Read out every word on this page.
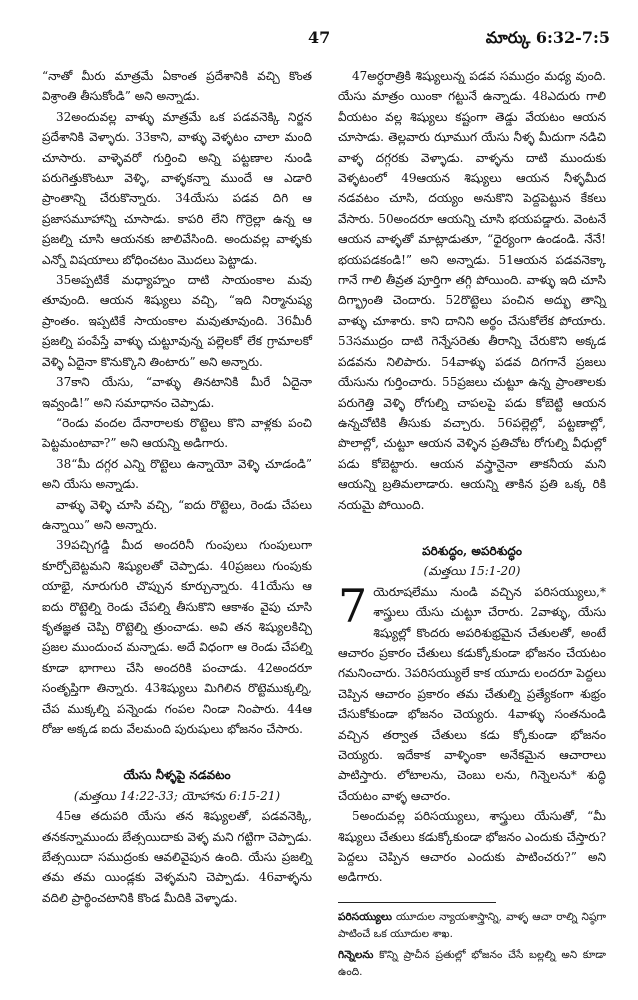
47	మార్కు 6:32-7:5

“నాతో మీరు మాత్రమే ఏకాంత ప్రదేశానికి వచ్చి కొంత విశ్రాంతి తీసుకోండి” అని అన్నాడు.

32అందువల్ల వాళ్ళు మాత్రమే ఒక పడవనెక్కి నిర్జన ప్రదేశానికి వెళ్ళారు. 33కాని, వాళ్ళు వెళ్ళటం చాలా మంది చూసారు. వాళ్ళెవరో గుర్తించి అన్ని పట్టణాల నుండి పరుగెత్తుకొంటూ వెళ్ళి, వాళ్ళకన్నా ముందే ఆ ఎడారి ప్రాంతాన్ని చేరుకొన్నారు. 34యేసు పడవ దిగి ఆ ప్రజాసమూహాన్ని చూసాడు. కాపరి లేని గొర్రెల్లా ఉన్న ఆ ప్రజల్ని చూసి ఆయనకు జాలివేసింది. అందువల్ల వాళ్ళకు ఎన్నో విషయాలు బోధించటం మొదలు పెట్టాడు.

35అప్పటికే మధ్యాహ్నం దాటి సాయంకాల మవు తూవుంది. ఆయన శిష్యులు వచ్చి, “ఇది నిర్మానుష్య ప్రాంతం. ఇప్పటికే సాయంకాల మవుతూవుంది. 36మీరీ ప్రజల్ని పంపేస్తే వాళ్ళు చుట్టూవున్న పల్లెలకో లేక గ్రామాలకో వెళ్ళి ఏదైనా కొనుక్కొని తింటారు” అని అన్నారు.

37కాని యేసు, “వాళ్ళు తినటానికి మీరే ఏదైనా ఇవ్వండి!” అని సమాధానం చెప్పాడు.

“రెండు వందల దేనారాలకు రొట్టెలు కొని వాళ్లకు పంచి పెట్టమంటావా?” అని ఆయన్ని అడిగారు.

38“మీ దగ్గర ఎన్ని రొట్టెలు ఉన్నాయో వెళ్ళి చూడండి” అని యేసు అన్నాడు.

వాళ్ళు వెళ్ళి చూసి వచ్చి, “ఐదు రొట్టెలు, రెండు చేపలు ఉన్నాయి” అని అన్నారు.

39పచ్చిగడ్డి మీద అందరినీ గుంపులు గుంపులుగా కూర్చోబెట్టమని శిష్యులతో చెప్పాడు. 40ప్రజలు గుంపుకు యాభై, నూరుగురి చొప్పున కూర్చున్నారు. 41యేసు ఆ ఐదు రొట్టెల్ని రెండు చేపల్ని తీసుకొని ఆకాశం వైపు చూసి కృతజ్ఞత చెప్పి రొట్టెల్ని త్రుంచాడు. అవి తన శిష్యులకిచ్చి ప్రజల ముందుంచ మన్నాడు. అదే విధంగా ఆ రెండు చేపల్ని కూడా భాగాలు చేసి అందరికి పంచాడు. 42అందరూ సంతృప్తిగా తిన్నారు. 43శిష్యులు మిగిలిన రొట్టెముక్కల్ని, చేప ముక్కల్ని పన్నెండు గంపల నిండా నింపారు. 44ఆ రోజు అక్కడ ఐదు వేలమంది పురుషులు భోజనం చేసారు.

యేసు నీళ్ళపై నడవటం

(మత్తయి 14:22-33; యోహాను 6:15-21)

45ఆ తదుపరి యేసు తన శిష్యులతో, పడవనెక్కి, తనకన్నాముందు బేత్సయిదాకు వెళ్ళ మని గట్టిగా చెప్పాడు. బేత్సయిదా సముద్రంకు ఆవలివైపున ఉంది. యేసు ప్రజల్ని తమ తమ యిండ్లకు వెళ్ళమని చెప్పాడు. 46వాళ్ళను వదిలి ప్రార్థించటానికి కొండ మీదికి వెళ్ళాడు.

47అర్ధరాత్రికి శిష్యులున్న పడవ సముద్రం మధ్య వుంది. యేసు మాత్రం యింకా గట్టునే ఉన్నాడు. 48ఎదురు గాలి వీయటం వల్ల శిష్యులు కష్టంగా తెడ్డు వేయటం ఆయన చూసాడు. తెల్లవారు ఝాముగ యేసు నీళ్ళ మీదుగా నడిచి వాళ్ళ దగ్గరకు వెళ్ళాడు. వాళ్ళను దాటి ముందుకు వెళ్ళటంలో 49ఆయన శిష్యులు ఆయన నీళ్ళమీద నడవటం చూసి, దయ్యం అనుకొని పెద్దపెట్టున కేకలు వేసారు. 50అందరూ ఆయన్ని చూసి భయపడ్డారు. వెంటనే ఆయన వాళ్ళతో మాట్లాడుతూ, “ధైర్యంగా ఉండండి. నేనే! భయపడకండి!” అని అన్నాడు. 51ఆయన పడవనెక్కా గానే గాలి తీవ్రత పూర్తిగా తగ్గి పోయింది. వాళ్ళు ఇది చూసి దిగ్భ్రాంతి చెందారు. 52రొట్టెలు పంచిన అద్భు తాన్ని వాళ్ళు చూశారు. కాని దానిని అర్థం చేసుకోలేక పోయారు. 53సముద్రం దాటి గెన్నేసరెతు తీరాన్ని చేరుకొని అక్కడ పడవను నిలిపారు. 54వాళ్ళు పడవ దిగగానే ప్రజలు యేసును గుర్తించారు. 55ప్రజలు చుట్టూ ఉన్న ప్రాంతాలకు పరుగెత్తి వెళ్ళి రోగుల్ని చాపలపై పడు కోబెట్టి ఆయన ఉన్నచోటికి తీసుకు వచ్చారు. 56పల్లెల్లో, పట్టణాల్లో, పొలాల్లో, చుట్టూ ఆయన వెళ్ళిన ప్రతిచోట రోగుల్ని వీధుల్లో పడు కోబెట్టారు. ఆయన వస్త్రానైనా తాకనీయ మని ఆయన్ని బ్రతిమలాడారు. ఆయన్ని తాకిన ప్రతి ఒక్క రికి నయమై పోయింది.

పరిశుద్ధం, అపరిశుద్ధం

(మత్తయి 15:1-20)

7 యెరూషలేము నుండి వచ్చిన పరిసయ్యులు,* శాస్త్రులు యేసు చుట్టూ చేరారు. 2వాళ్ళు, యేసు శిష్యుల్లో కొందరు అపరిశుభ్రమైన చేతులతో, అంటే ఆచారం ప్రకారం చేతులు కడుక్కోకుండా భోజనం చేయటం గమనించారు. 3పరిసయ్యులే కాక యూదు లందరూ పెద్దలు చెప్పిన ఆచారం ప్రకారం తమ చేతుల్ని ప్రత్యేకంగా శుభ్రం చేసుకోకుండా భోజనం చెయ్యరు. 4వాళ్ళు సంతనుండి వచ్చిన తర్వాత చేతులు కడు క్కోకుండా భోజనం చెయ్యరు. ఇదేకాక వాళ్ళింకా అనేకమైన ఆచారాలు పాటిస్తారు. లోటాలను, చెంబు లను, గిన్నెలను* శుద్ధి చేయటం వాళ్ళ ఆచారం.

5అందువల్ల పరిసయ్యులు, శాస్త్రులు యేసుతో, “మీ శిష్యులు చేతులు కడుక్కోకుండా భోజనం ఎందుకు చేస్తారు? పెద్దలు చెప్పిన ఆచారం ఎందుకు పాటించరు?” అని అడిగారు.

పరిసయ్యులు యూదుల న్యాయశాస్త్రాన్ని, వాళ్ళ ఆచా రాల్ని నిష్ఠగా పాటించే ఒక యూదుల శాఖ.

గిన్నెలను కొన్ని ప్రాచీన ప్రతుల్లో భోజనం చేసే బల్లల్ని అని కూడా ఉంది.
